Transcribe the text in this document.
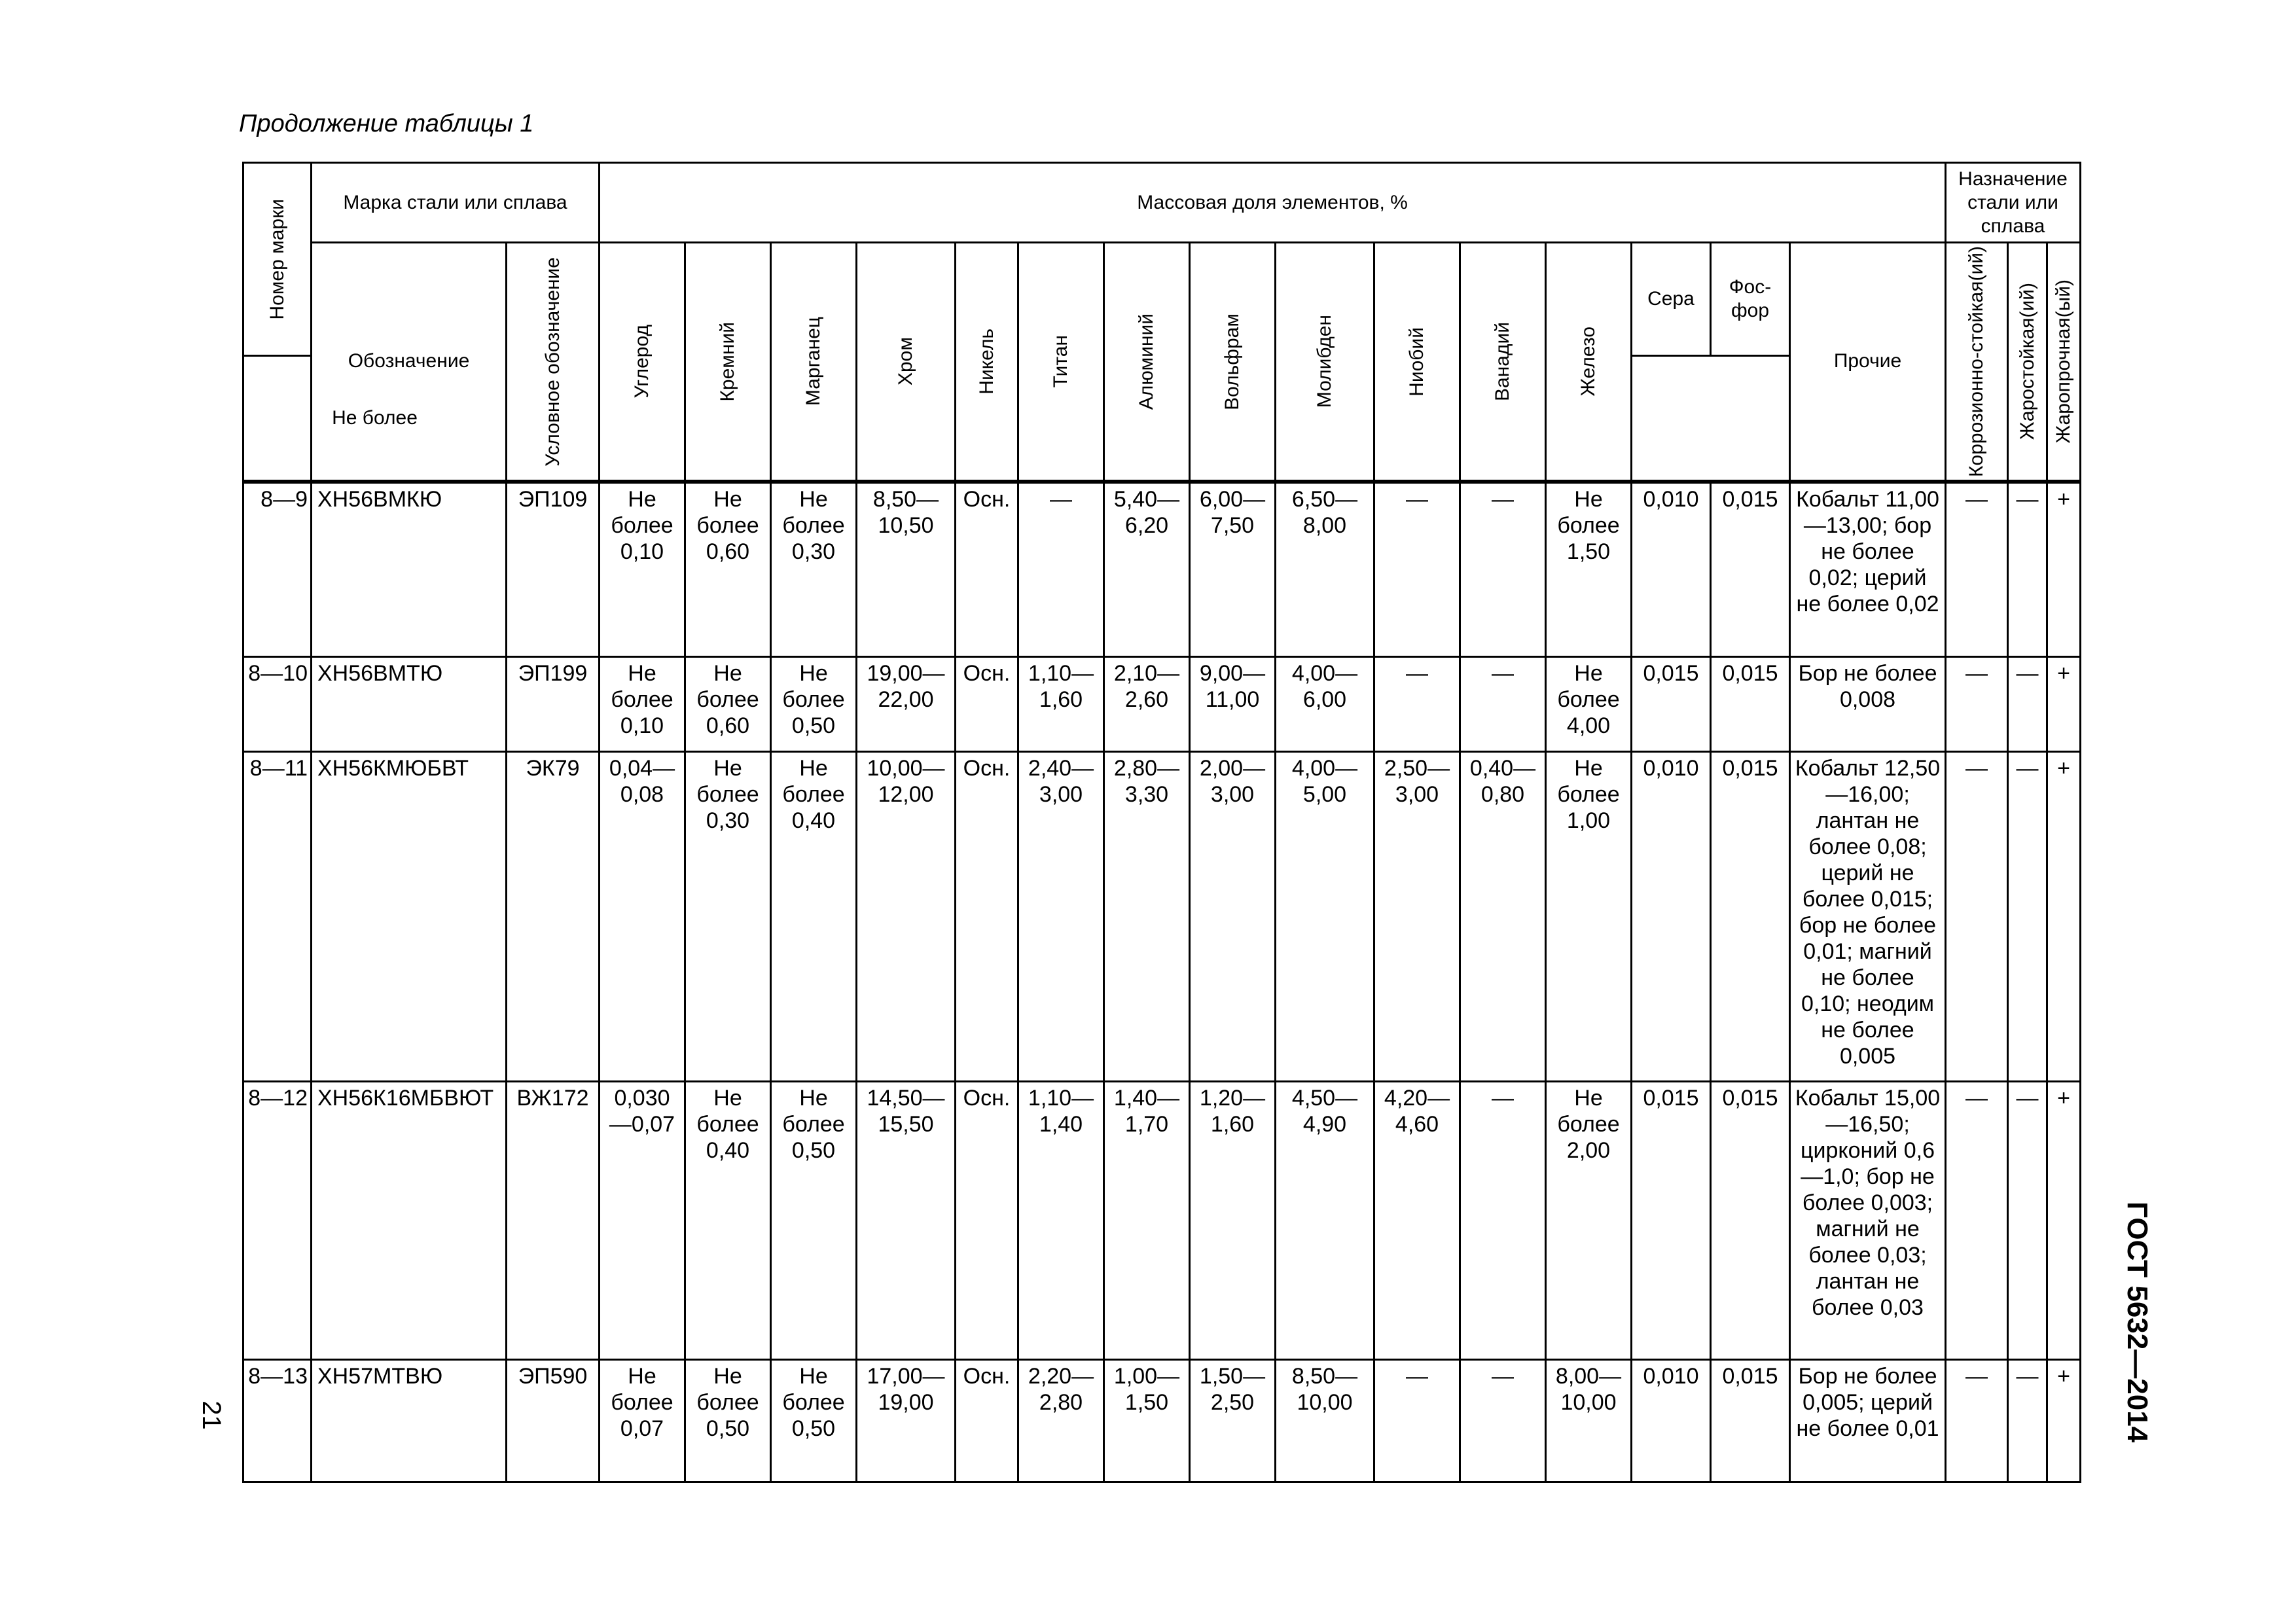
Продолжение таблицы 1
Номер марки	Марка стали или сплава		Массовая доля элементов, %															Назначение стали или сплава		
	Обозначение	Условное обозначение	Углерод	Кремний	Марганец	Хром	Никель	Титан	Алюминий	Вольфрам	Молибден	Ниобий	Ванадий	Железо	Сера	Фос-фор	Прочие	Коррозионно-стойкая(ий)	Жаростойкая(ий)	Жаропрочная(ый)

Не более																				
8—9	ХН56ВМКЮ	ЭП109	Не более 0,10	Не более 0,60	Не более 0,30	8,50—10,50	Осн.	—	5,40—6,20	6,00—7,50	6,50—8,00	—	—	Не более 1,50	0,010	0,015	Кобальт 11,00—13,00; бор не более 0,02; церий не более 0,02	—	—	+
8—10	ХН56ВМТЮ	ЭП199	Не более 0,10	Не более 0,60	Не более 0,50	19,00—22,00	Осн.	1,10—1,60	2,10—2,60	9,00—11,00	4,00—6,00	—	—	Не более 4,00	0,015	0,015	Бор не более 0,008	—	—	+
8—11	ХН56КМЮБВТ	ЭК79	0,04—0,08	Не более 0,30	Не более 0,40	10,00—12,00	Осн.	2,40—3,00	2,80—3,30	2,00—3,00	4,00—5,00	2,50—3,00	0,40—0,80	Не более 1,00	0,010	0,015	Кобальт 12,50—16,00; лантан не более 0,08; церий не более 0,015; бор не более 0,01; магний не более 0,10; неодим не более 0,005	—	—	+
8—12	ХН56К16МБВЮТ	ВЖ172	0,030—0,07	Не более 0,40	Не более 0,50	14,50—15,50	Осн.	1,10—1,40	1,40—1,70	1,20—1,60	4,50—4,90	4,20—4,60	—	Не более 2,00	0,015	0,015	Кобальт 15,00—16,50; цирконий 0,6—1,0; бор не более 0,003; магний не более 0,03; лантан не более 0,03	—	—	+
8—13	ХН57МТВЮ	ЭП590	Не более 0,07	Не более 0,50	Не более 0,50	17,00—19,00	Осн.	2,20—2,80	1,00—1,50	1,50—2,50	8,50—10,00	—	—	8,00—10,00	0,010	0,015	Бор не более 0,005; церий не более 0,01	—	—	+
21	ГОСТ 5632—2014
